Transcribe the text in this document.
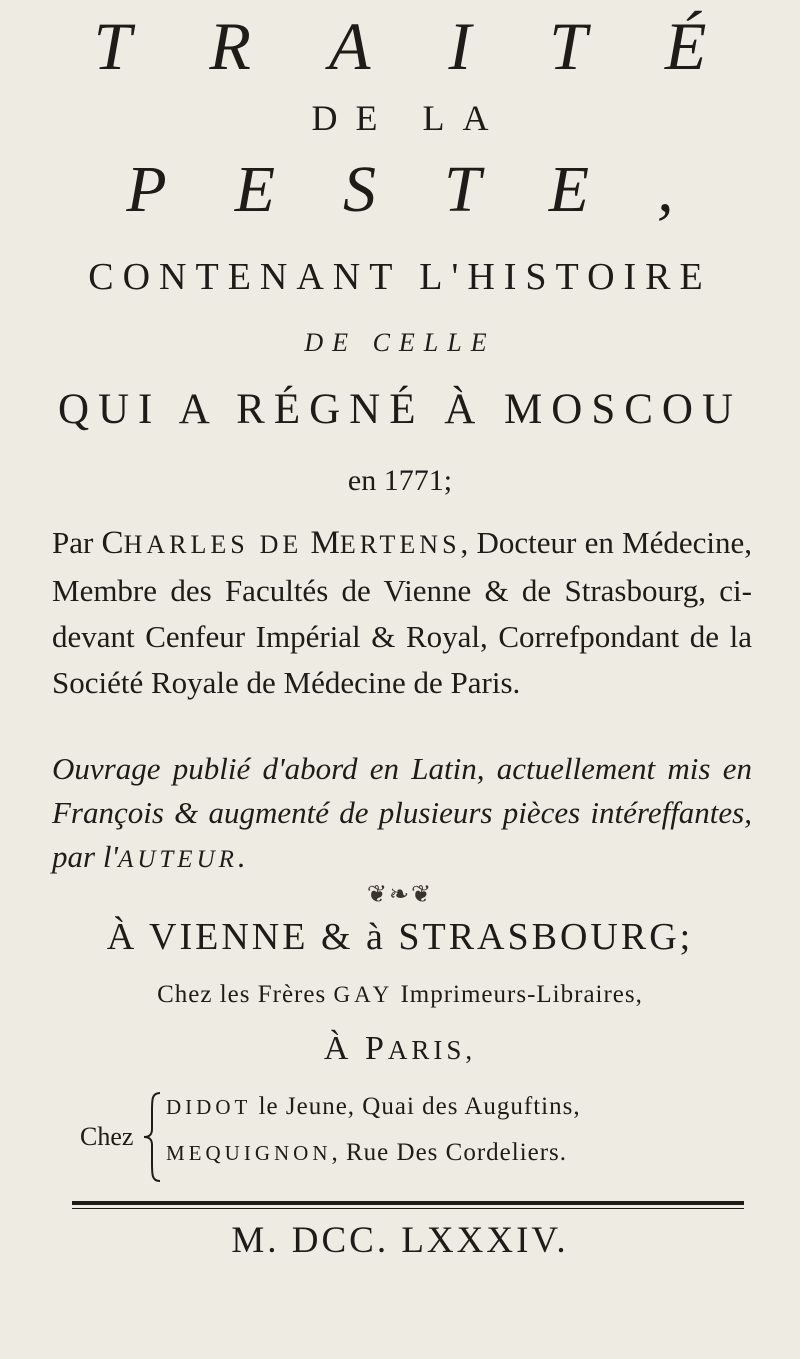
TRAITÉ
DE LA
PESTE,
CONTENANT L'HISTOIRE
DE CELLE
QUI A RÉGNÉ À MOSCOU
en 1771;
Par CHARLES DE MERTENS, Docteur en Médecine, Membre des Facultés de Vienne & de Strasbourg, ci-devant Cenfeur Impérial & Royal, Correfpondant de la Société Royale de Médecine de Paris.
Ouvrage publié d'abord en Latin, actuellement mis en François & augmenté de plusieurs pièces intéreffantes, par l'AUTEUR.
❦❧❦
À VIENNE & à STRASBOURG;
Chez les Frères GAY Imprimeurs-Libraires,
À PARIS,
Chez
DIDOT le Jeune, Quai des Auguftins,
MEQUIGNON, Rue Des Cordeliers.
M. DCC. LXXXIV.
